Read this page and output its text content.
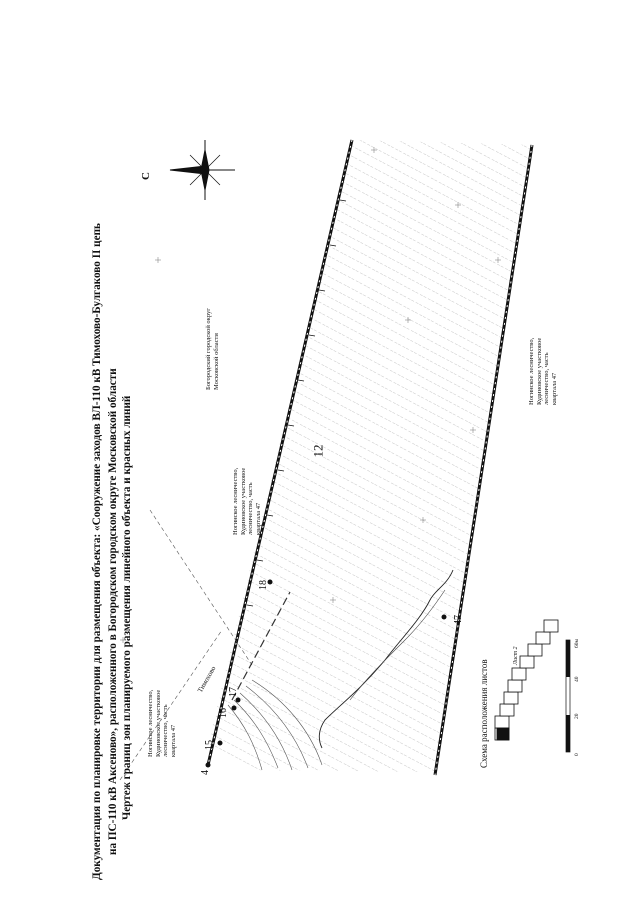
Документация по планировке территории для размещения объекта: «Сооружение заходов ВЛ-110 кВ Тимохово-Булгаково II цепь на ПС-110 кВ Аксеново», расположенного в Богородском городском округе Московской области Чертеж границ зон планируемого размещения линейного объекта и красных линий
С
Богородский городской округ Московской области
Ногинское лесничество, Кудиновское участковое лесничество, часть квартала 47
Ногинское лесничество, Кудиновское участковое лесничество, часть квартала 47
Ногинское лесничество, Кудиновское участковое лесничество, часть квартала 47
Тимохово
4
15
16
17
18
47
Схема расположения листов
Лист 2
0
20
40
60м
